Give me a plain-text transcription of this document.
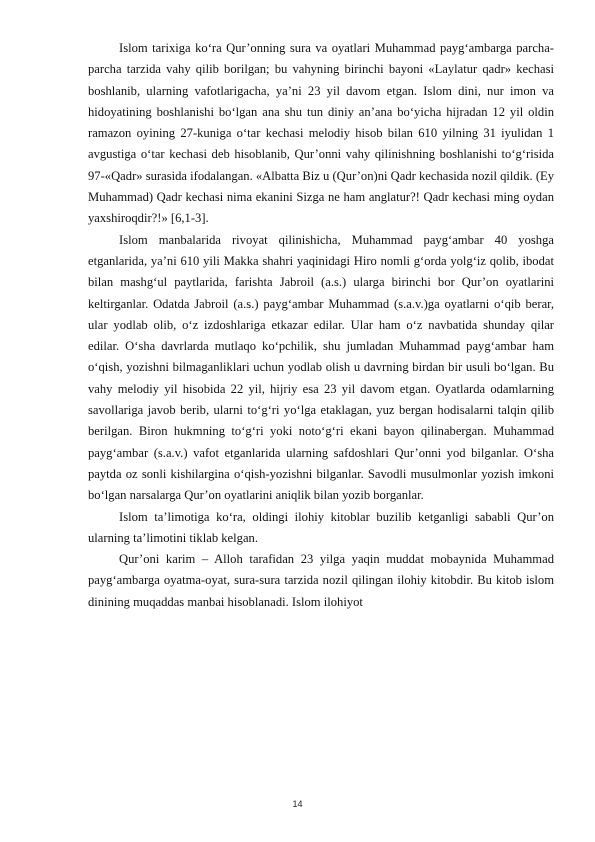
Islom tarixiga ko‘ra Qur’onning sura va oyatlari Muhammad payg‘ambarga parcha-parcha tarzida vahy qilib borilgan; bu vahyning birinchi bayoni «Laylatur qadr» kechasi boshlanib, ularning vafotlarigacha, ya’ni 23 yil davom etgan. Islom dini, nur imon va hidoyatining boshlanishi bo‘lgan ana shu tun diniy an’ana bo‘yicha hijradan 12 yil oldin ramazon oyining 27-kuniga o‘tar kechasi melodiy hisob bilan 610 yilning 31 iyulidan 1 avgustiga o‘tar kechasi deb hisoblanib, Qur’onni vahy qilinishning boshlanishi to‘g‘risida 97-«Qadr» surasida ifodalangan. «Albatta Biz u (Qur’on)ni Qadr kechasida nozil qildik. (Ey Muhammad) Qadr kechasi nima ekanini Sizga ne ham anglatur?! Qadr kechasi ming oydan yaxshiroqdir?!» [6,1-3].

Islom manbalarida rivoyat qilinishicha, Muhammad payg‘ambar 40 yoshga etganlarida, ya’ni 610 yili Makka shahri yaqinidagi Hiro nomli g‘orda yolg‘iz qolib, ibodat bilan mashg‘ul paytlarida, farishta Jabroil (a.s.) ularga birinchi bor Qur’on oyatlarini keltirganlar. Odatda Jabroil (a.s.) payg‘ambar Muhammad (s.a.v.)ga oyatlarni o‘qib berar, ular yodlab olib, o‘z izdoshlariga etkazar edilar. Ular ham o‘z navbatida shunday qilar edilar. O‘sha davrlarda mutlaqo ko‘pchilik, shu jumladan Muhammad payg‘ambar ham o‘qish, yozishni bilmaganliklari uchun yodlab olish u davrning birdan bir usuli bo‘lgan. Bu vahy melodiy yil hisobida 22 yil, hijriy esa 23 yil davom etgan. Oyatlarda odamlarning savollariga javob berib, ularni to‘g‘ri yo‘lga etaklagan, yuz bergan hodisalarni talqin qilib berilgan. Biron hukmning to‘g‘ri yoki noto‘g‘ri ekani bayon qilinabergan. Muhammad payg‘ambar (s.a.v.) vafot etganlarida ularning safdoshlari Qur’onni yod bilganlar. O‘sha paytda oz sonli kishilargina o‘qish-yozishni bilganlar. Savodli musulmonlar yozish imkoni bo‘lgan narsalarga Qur’on oyatlarini aniqlik bilan yozib borganlar.

Islom ta’limotiga ko‘ra, oldingi ilohiy kitoblar buzilib ketganligi sababli Qur’on ularning ta’limotini tiklab kelgan.

Qur’oni karim – Alloh tarafidan 23 yilga yaqin muddat mobaynida Muhammad payg‘ambarga oyatma-oyat, sura-sura tarzida nozil qilingan ilohiy kitobdir. Bu kitob islom dinining muqaddas manbai hisoblanadi. Islom ilohiyot

14
